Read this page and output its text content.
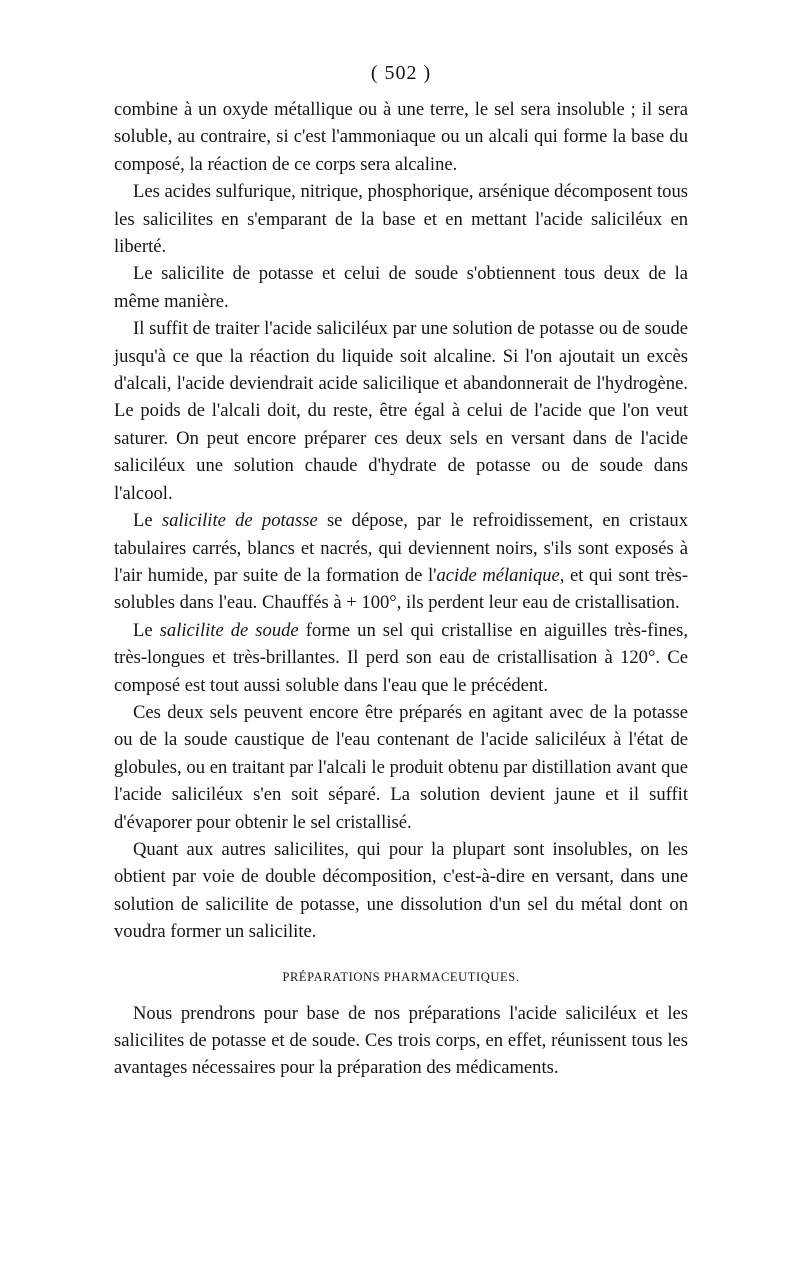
( 502 )

combine à un oxyde métallique ou à une terre, le sel sera insoluble ; il sera soluble, au contraire, si c'est l'ammoniaque ou un alcali qui forme la base du composé, la réaction de ce corps sera alcaline.

Les acides sulfurique, nitrique, phosphorique, arsénique décomposent tous les salicilites en s'emparant de la base et en mettant l'acide saliciléux en liberté.

Le salicilite de potasse et celui de soude s'obtiennent tous deux de la même manière.

Il suffit de traiter l'acide saliciléux par une solution de potasse ou de soude jusqu'à ce que la réaction du liquide soit alcaline. Si l'on ajoutait un excès d'alcali, l'acide deviendrait acide salicilique et abandonnerait de l'hydrogène. Le poids de l'alcali doit, du reste, être égal à celui de l'acide que l'on veut saturer. On peut encore préparer ces deux sels en versant dans de l'acide saliciléux une solution chaude d'hydrate de potasse ou de soude dans l'alcool.

Le salicilite de potasse se dépose, par le refroidissement, en cristaux tabulaires carrés, blancs et nacrés, qui deviennent noirs, s'ils sont exposés à l'air humide, par suite de la formation de l'acide mélanique, et qui sont très-solubles dans l'eau. Chauffés à + 100°, ils perdent leur eau de cristallisation.

Le salicilite de soude forme un sel qui cristallise en aiguilles très-fines, très-longues et très-brillantes. Il perd son eau de cristallisation à 120°. Ce composé est tout aussi soluble dans l'eau que le précédent.

Ces deux sels peuvent encore être préparés en agitant avec de la potasse ou de la soude caustique de l'eau contenant de l'acide saliciléux à l'état de globules, ou en traitant par l'alcali le produit obtenu par distillation avant que l'acide saliciléux s'en soit séparé. La solution devient jaune et il suffit d'évaporer pour obtenir le sel cristallisé.

Quant aux autres salicilites, qui pour la plupart sont insolubles, on les obtient par voie de double décomposition, c'est-à-dire en versant, dans une solution de salicilite de potasse, une dissolution d'un sel du métal dont on voudra former un salicilite.

PRÉPARATIONS PHARMACEUTIQUES.

Nous prendrons pour base de nos préparations l'acide saliciléux et les salicilites de potasse et de soude. Ces trois corps, en effet, réunissent tous les avantages nécessaires pour la préparation des médicaments.
